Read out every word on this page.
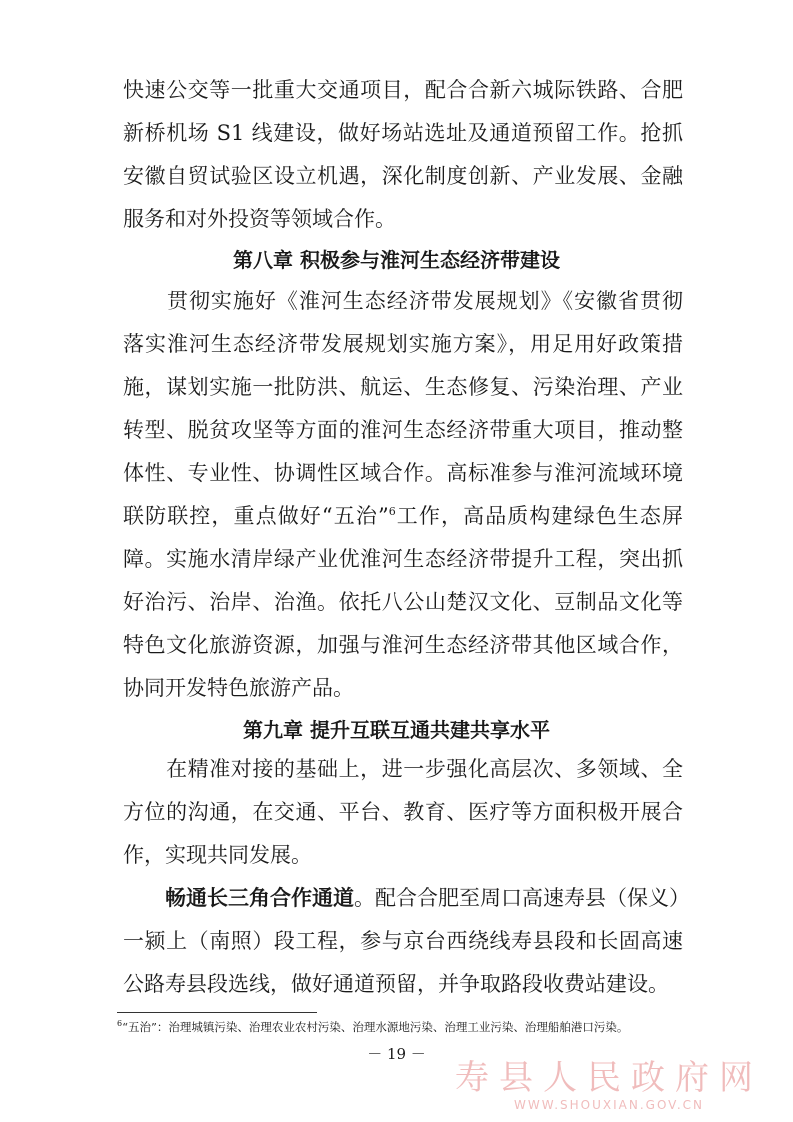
快速公交等一批重大交通项目，配合合新六城际铁路、合肥
新桥机场 S1 线建设，做好场站选址及通道预留工作。抢抓
安徽自贸试验区设立机遇，深化制度创新、产业发展、金融
服务和对外投资等领域合作。
第八章 积极参与淮河生态经济带建设
　　贯彻实施好《淮河生态经济带发展规划》《安徽省贯彻
落实淮河生态经济带发展规划实施方案》，用足用好政策措
施，谋划实施一批防洪、航运、生态修复、污染治理、产业
转型、脱贫攻坚等方面的淮河生态经济带重大项目，推动整
体性、专业性、协调性区域合作。高标准参与淮河流域环境
联防联控，重点做好“五治”$^6$工作，高品质构建绿色生态屏
障。实施水清岸绿产业优淮河生态经济带提升工程，突出抓
好治污、治岸、治渔。依托八公山楚汉文化、豆制品文化等
特色文化旅游资源，加强与淮河生态经济带其他区域合作，
协同开发特色旅游产品。
第九章 提升互联互通共建共享水平
　　在精准对接的基础上，进一步强化高层次、多领域、全
方位的沟通，在交通、平台、教育、医疗等方面积极开展合
作，实现共同发展。
　　畅通长三角合作通道。配合合肥至周口高速寿县（保义）
一颍上（南照）段工程，参与京台西绕线寿县段和长固高速
$^6$“五治”：治理城镇污染、治理农业农村污染、治理水源地污染、治理工业污染、治理船舶港口污染。
－ 19 －
寿县人民政府网
WWW.SHOUXIAN.GOV.CN
公路寿县段选线，做好通道预留，并争取路段收费站建设。
